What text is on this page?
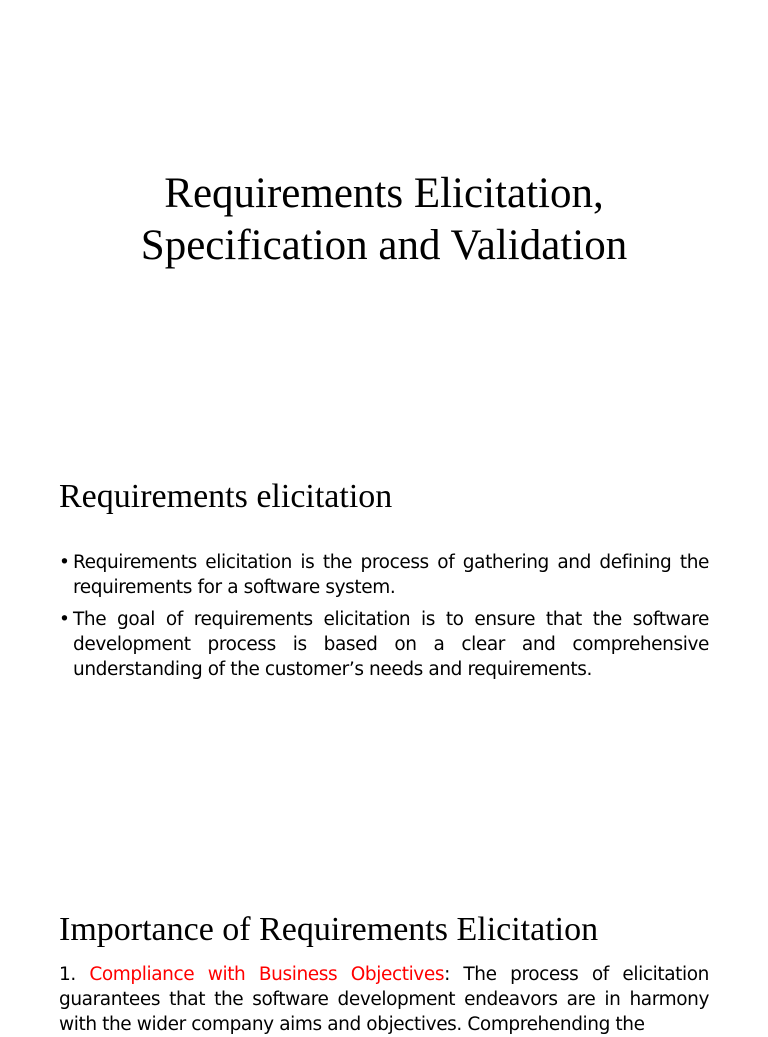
Requirements Elicitation,
Specification and Validation
Requirements elicitation
• Requirements elicitation is the process of gathering and defining the requirements for a software system.
• The goal of requirements elicitation is to ensure that the software development process is based on a clear and comprehensive understanding of the customer’s needs and requirements.
Importance of Requirements Elicitation

1. Compliance with Business Objectives: The process of elicitation guarantees that the software development endeavors are in harmony with the wider company aims and objectives. Comprehending the
